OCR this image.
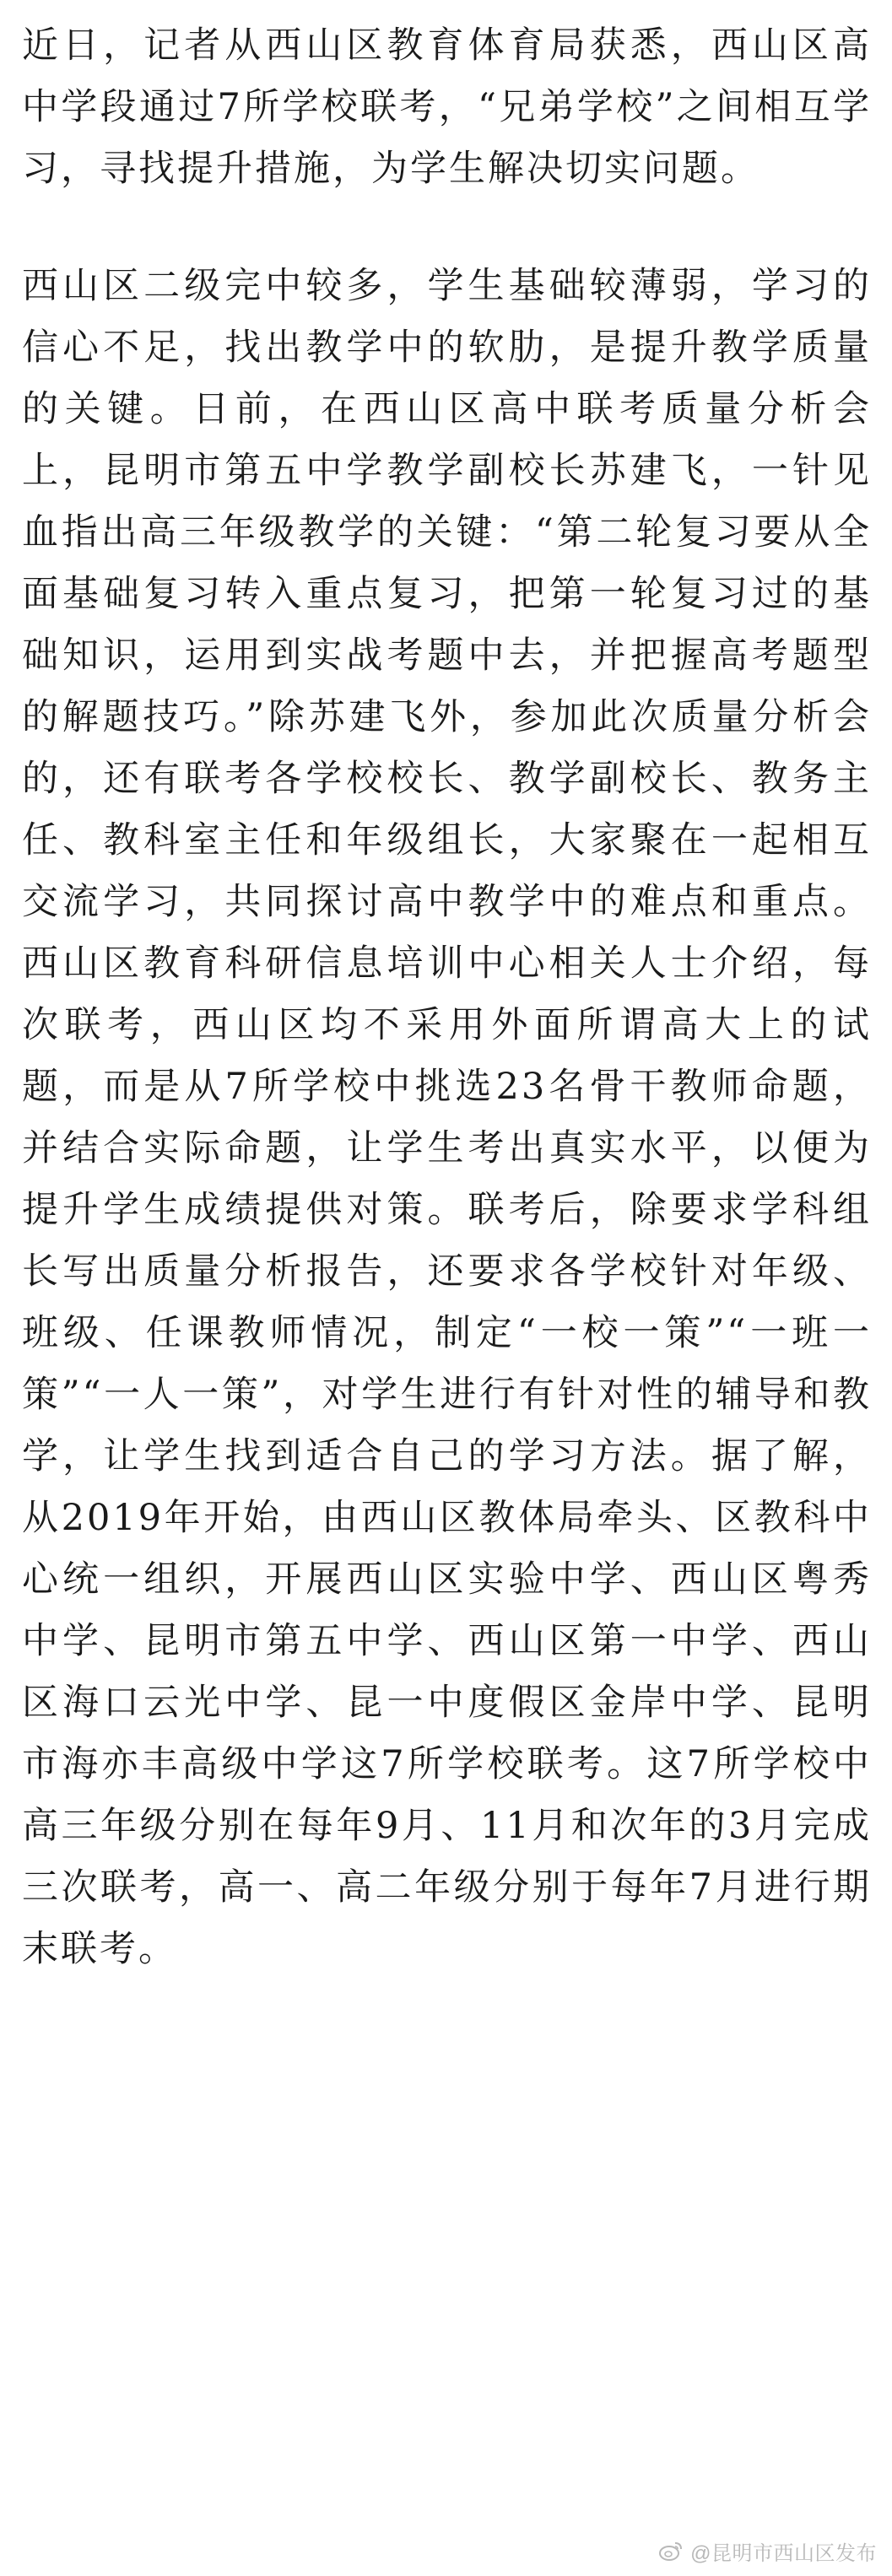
近日，记者从西山区教育体育局获悉，西山区高中学段通过7所学校联考，“兄弟学校”之间相互学习，寻找提升措施，为学生解决切实问题。

西山区二级完中较多，学生基础较薄弱，学习的信心不足，找出教学中的软肋，是提升教学质量的关键。日前，在西山区高中联考质量分析会上，昆明市第五中学教学副校长苏建飞，一针见血指出高三年级教学的关键：“第二轮复习要从全面基础复习转入重点复习，把第一轮复习过的基础知识，运用到实战考题中去，并把握高考题型的解题技巧。”除苏建飞外，参加此次质量分析会的，还有联考各学校校长、教学副校长、教务主任、教科室主任和年级组长，大家聚在一起相互交流学习，共同探讨高中教学中的难点和重点。西山区教育科研信息培训中心相关人士介绍，每次联考，西山区均不采用外面所谓高大上的试题，而是从7所学校中挑选23名骨干教师命题，并结合实际命题，让学生考出真实水平，以便为提升学生成绩提供对策。联考后，除要求学科组长写出质量分析报告，还要求各学校针对年级、班级、任课教师情况，制定“一校一策”“一班一策”“一人一策”，对学生进行有针对性的辅导和教学，让学生找到适合自己的学习方法。据了解，从2019年开始，由西山区教体局牵头、区教科中心统一组织，开展西山区实验中学、西山区粤秀中学、昆明市第五中学、西山区第一中学、西山区海口云光中学、昆一中度假区金岸中学、昆明市海亦丰高级中学这7所学校联考。这7所学校中高三年级分别在每年9月、11月和次年的3月完成三次联考，高一、高二年级分别于每年7月进行期末联考。

@昆明市西山区发布
